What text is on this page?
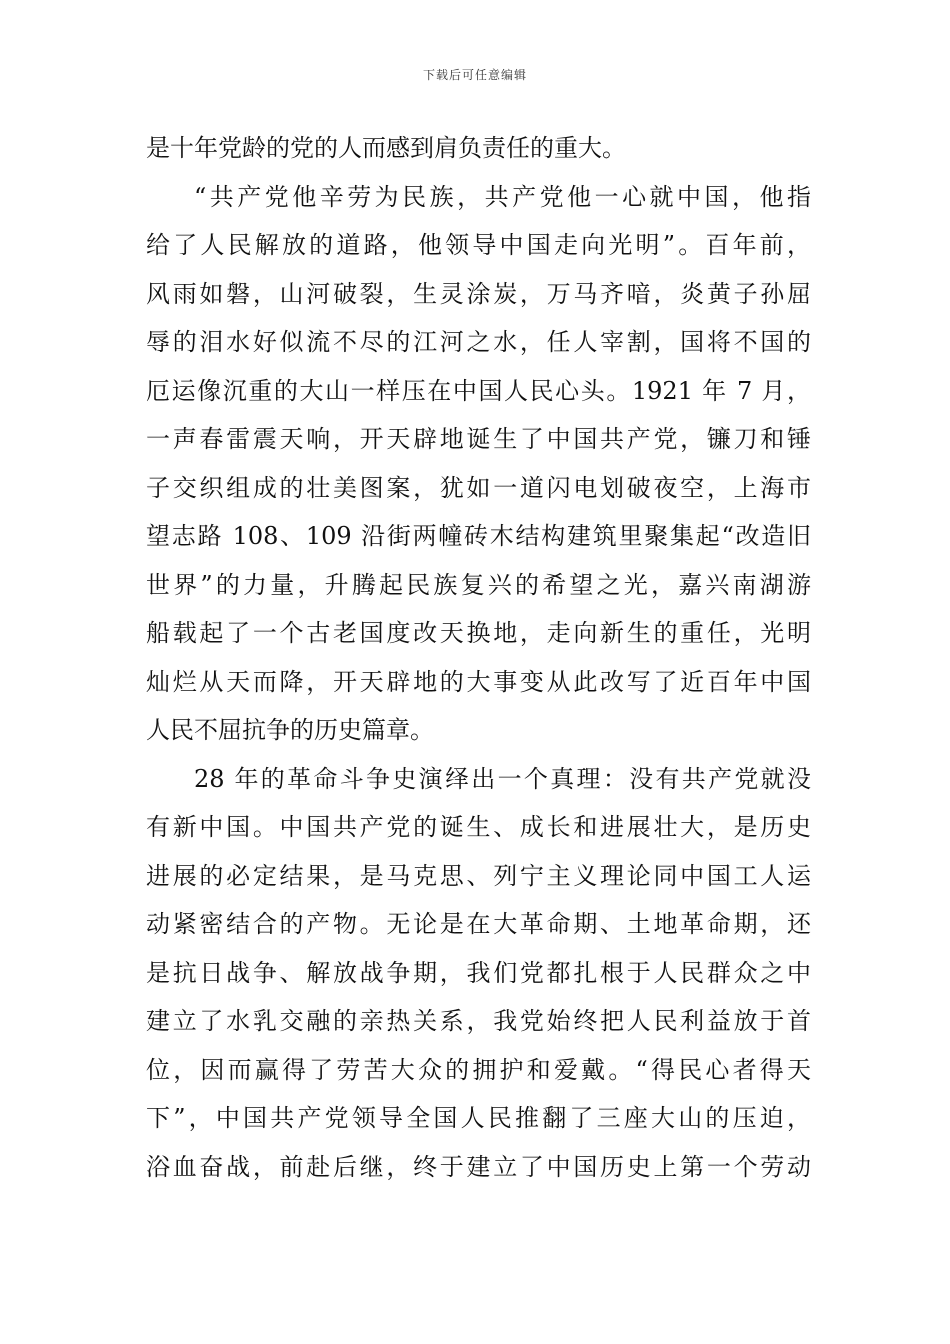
下载后可任意编辑
是十年党龄的党的人而感到肩负责任的重大。
“共产党他辛劳为民族，共产党他一心就中国，他指
给了人民解放的道路，他领导中国走向光明”。百年前，
风雨如磐，山河破裂，生灵涂炭，万马齐喑，炎黄子孙屈
辱的泪水好似流不尽的江河之水，任人宰割，国将不国的
厄运像沉重的大山一样压在中国人民心头。1921 年 7 月，
一声春雷震天响，开天辟地诞生了中国共产党，镰刀和锤
子交织组成的壮美图案，犹如一道闪电划破夜空，上海市
望志路 108、109 沿街两幢砖木结构建筑里聚集起“改造旧
世界”的力量，升腾起民族复兴的希望之光，嘉兴南湖游
船载起了一个古老国度改天换地，走向新生的重任，光明
灿烂从天而降，开天辟地的大事变从此改写了近百年中国
人民不屈抗争的历史篇章。
28 年的革命斗争史演绎出一个真理：没有共产党就没
有新中国。中国共产党的诞生、成长和进展壮大，是历史
进展的必定结果，是马克思、列宁主义理论同中国工人运
动紧密结合的产物。无论是在大革命期、土地革命期，还
是抗日战争、解放战争期，我们党都扎根于人民群众之中
建立了水乳交融的亲热关系，我党始终把人民利益放于首
位，因而赢得了劳苦大众的拥护和爱戴。“得民心者得天
下”，中国共产党领导全国人民推翻了三座大山的压迫，
浴血奋战，前赴后继，终于建立了中国历史上第一个劳动
